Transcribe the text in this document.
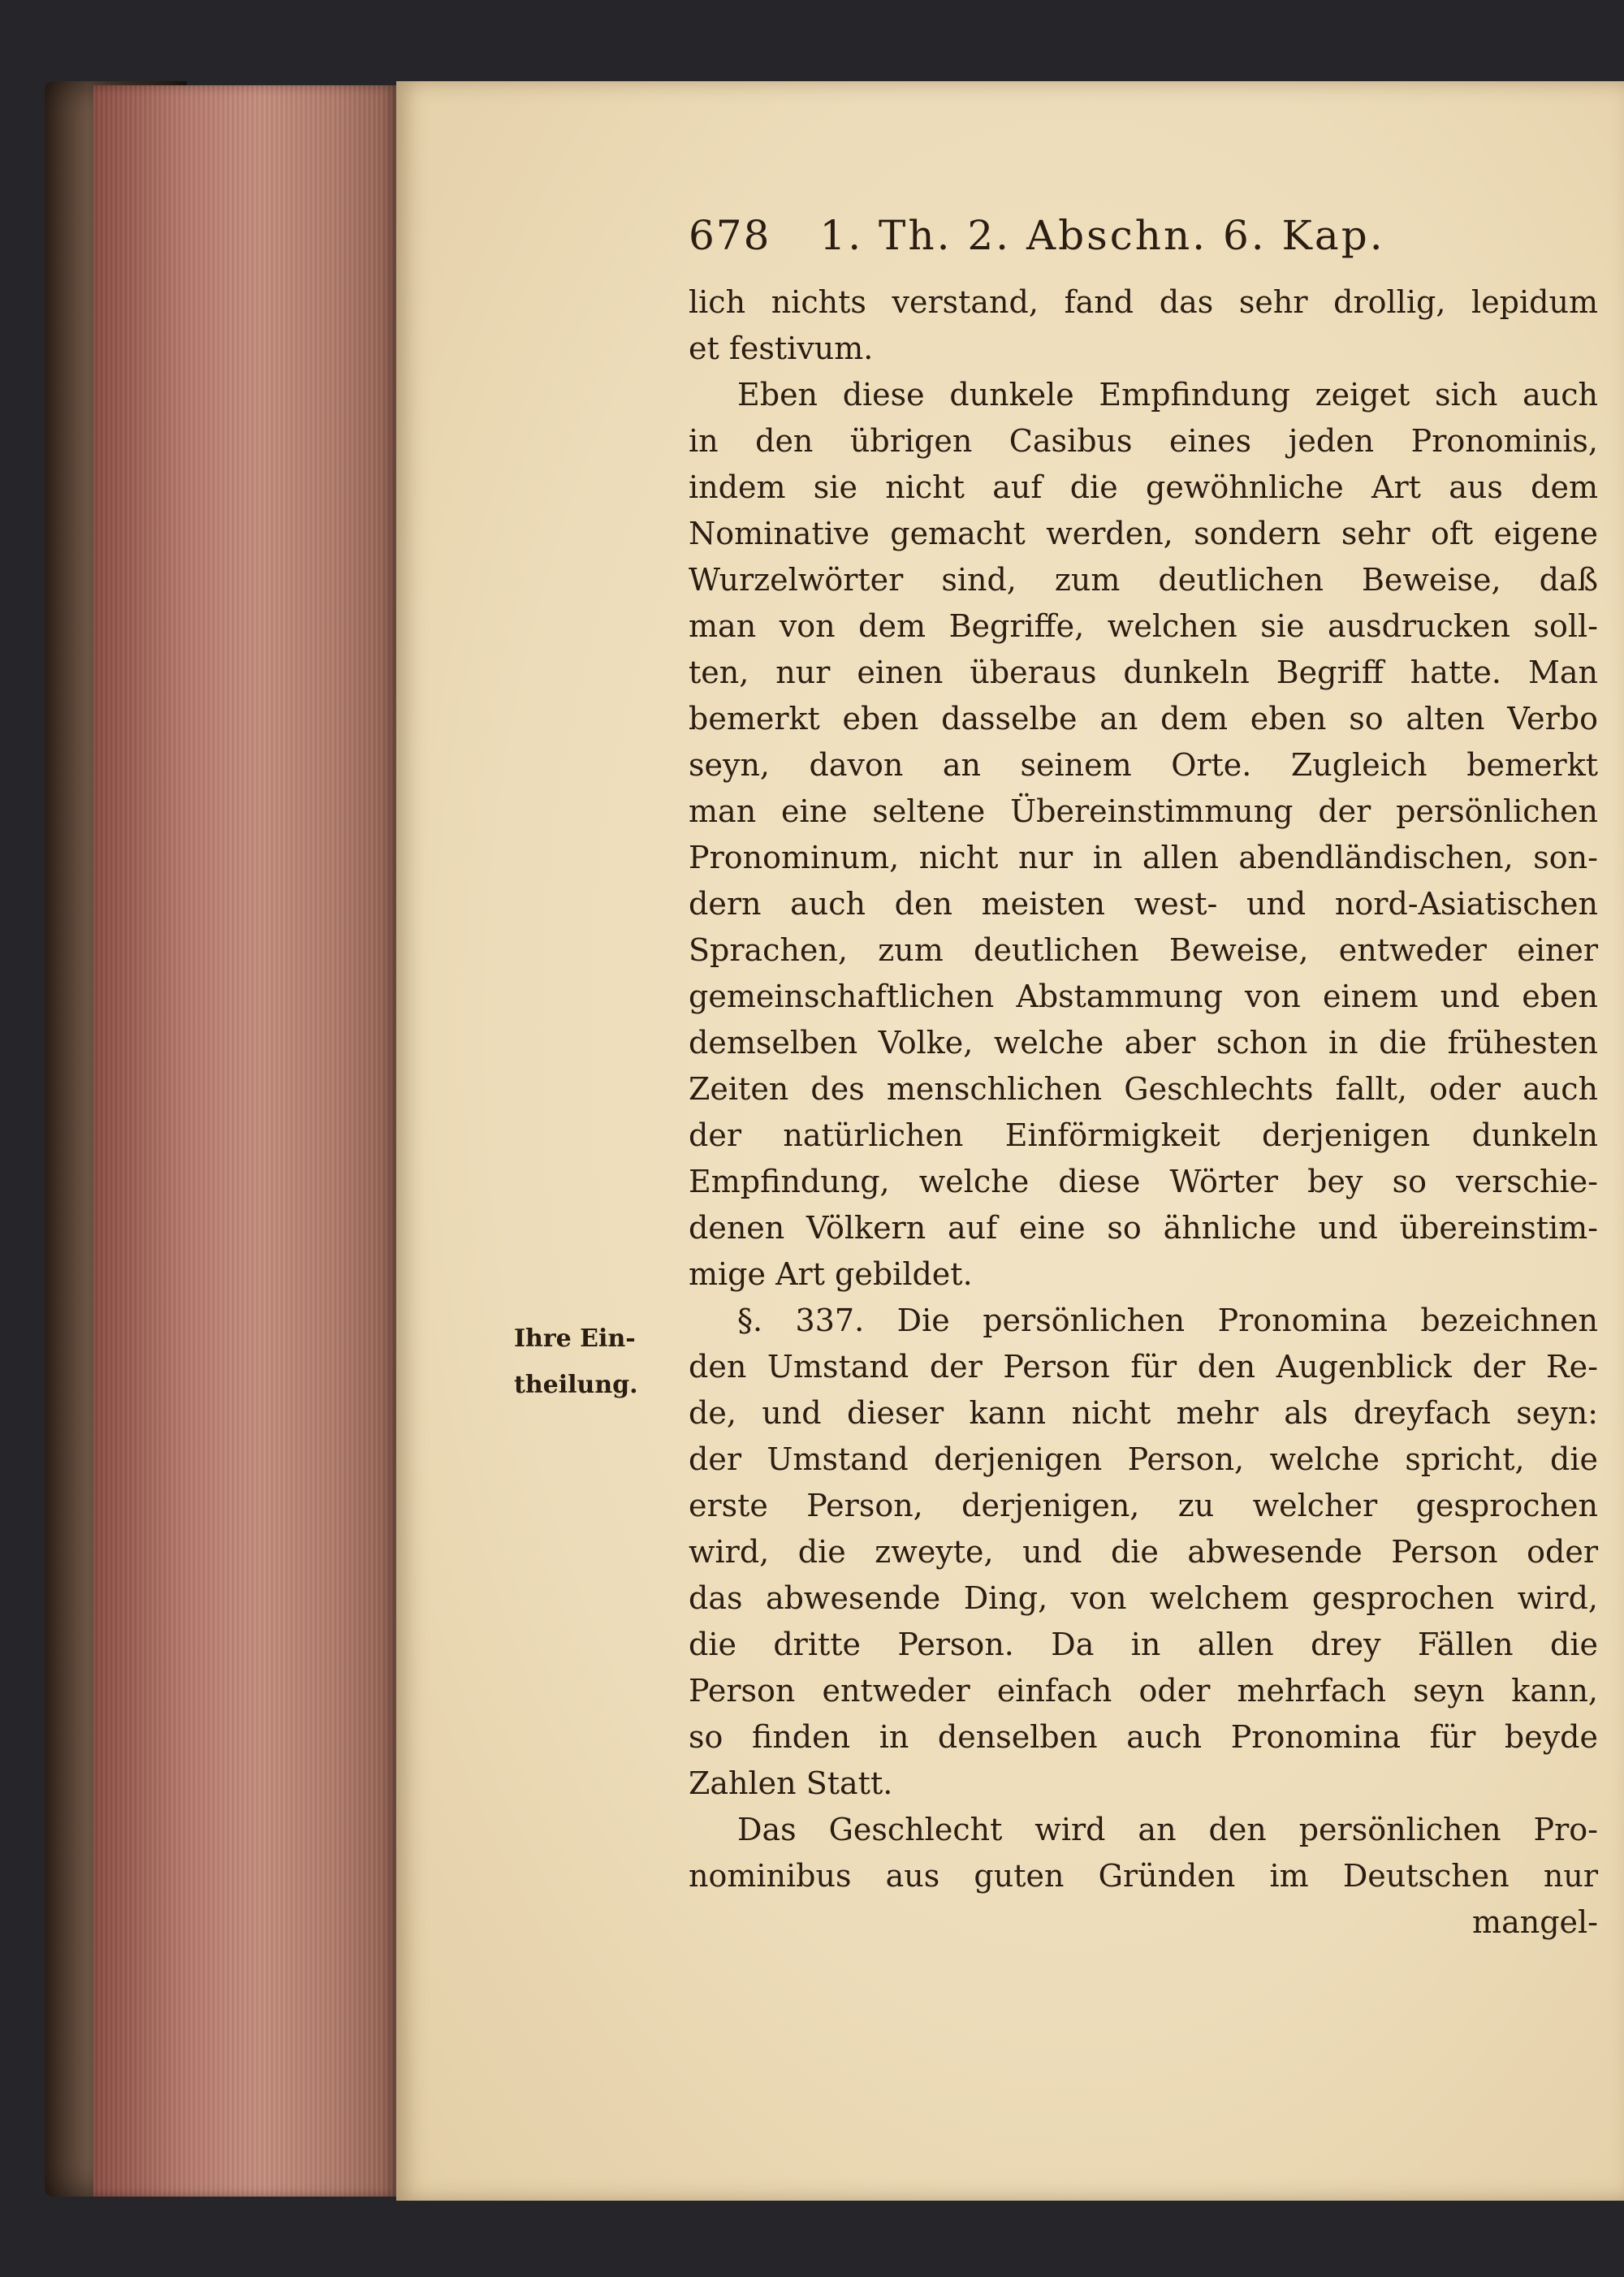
678 1. Th. 2. Abschn. 6. Kap.
lich nichts verstand, fand das sehr drollig, lepidum
et festivum.
Eben diese dunkele Empfindung zeiget sich auch
in den übrigen Casibus eines jeden Pronominis,
indem sie nicht auf die gewöhnliche Art aus dem
Nominative gemacht werden, sondern sehr oft eigene
Wurzelwörter sind, zum deutlichen Beweise, daß
man von dem Begriffe, welchen sie ausdrucken soll-
ten, nur einen überaus dunkeln Begriff hatte. Man
bemerkt eben dasselbe an dem eben so alten Verbo
seyn, davon an seinem Orte. Zugleich bemerkt
man eine seltene Übereinstimmung der persönlichen
Pronominum, nicht nur in allen abendländischen, son-
dern auch den meisten west- und nord-Asiatischen
Sprachen, zum deutlichen Beweise, entweder einer
gemeinschaftlichen Abstammung von einem und eben
demselben Volke, welche aber schon in die frühesten
Zeiten des menschlichen Geschlechts fallt, oder auch
der natürlichen Einförmigkeit derjenigen dunkeln
Empfindung, welche diese Wörter bey so verschie-
denen Völkern auf eine so ähnliche und übereinstim-
mige Art gebildet.
§. 337. Die persönlichen Pronomina bezeichnen
den Umstand der Person für den Augenblick der Re-
de, und dieser kann nicht mehr als dreyfach seyn:
der Umstand derjenigen Person, welche spricht, die
erste Person, derjenigen, zu welcher gesprochen
wird, die zweyte, und die abwesende Person oder
das abwesende Ding, von welchem gesprochen wird,
die dritte Person. Da in allen drey Fällen die
Person entweder einfach oder mehrfach seyn kann,
so finden in denselben auch Pronomina für beyde
Zahlen Statt.
Das Geschlecht wird an den persönlichen Pro-
nominibus aus guten Gründen im Deutschen nur
mangel-
Ihre Ein-
theilung.
